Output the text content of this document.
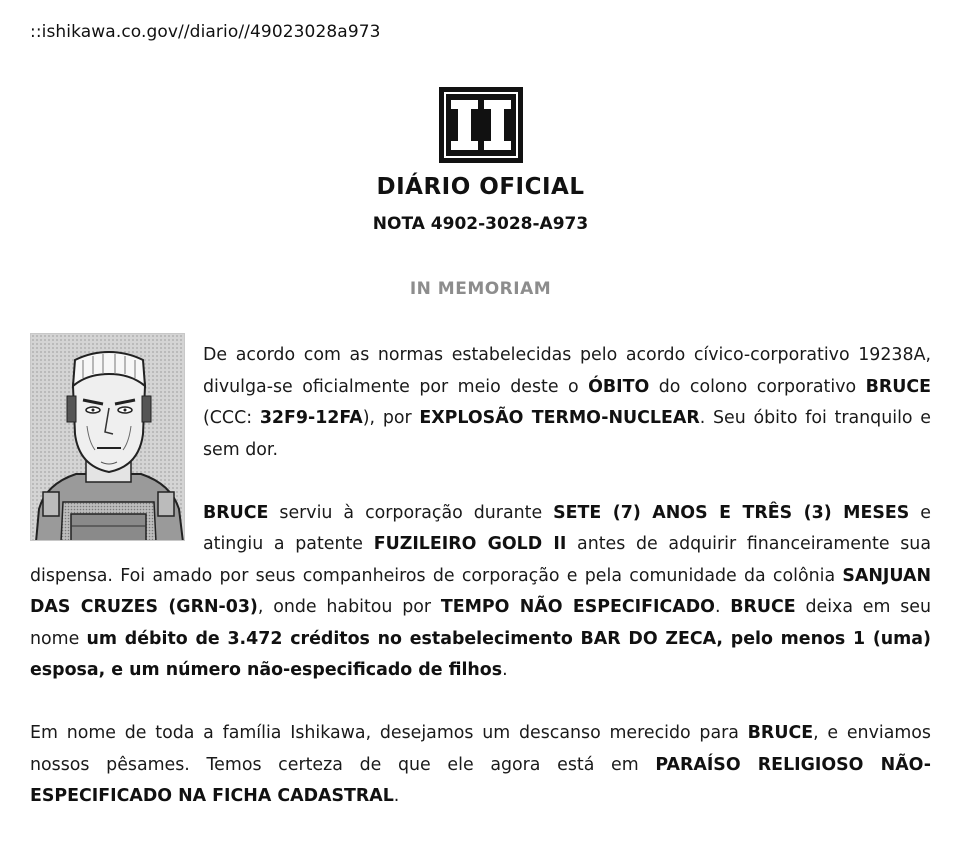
::ishikawa.co.gov//diario//49023028a973
DIÁRIO OFICIAL
NOTA 4902-3028-A973
IN MEMORIAM

De acordo com as normas estabelecidas pelo acordo cívico-corporativo 19238A, divulga-se oficialmente por meio deste o ÓBITO do colono corporativo BRUCE (CCC: 32F9-12FA), por EXPLOSÃO TERMO-NUCLEAR. Seu óbito foi tranquilo e sem dor.

BRUCE serviu à corporação durante SETE (7) ANOS E TRÊS (3) MESES e atingiu a patente FUZILEIRO GOLD II antes de adquirir financeiramente sua dispensa. Foi amado por seus companheiros de corporação e pela comunidade da colônia SANJUAN DAS CRUZES (GRN-03), onde habitou por TEMPO NÃO ESPECIFICADO. BRUCE deixa em seu nome um débito de 3.472 créditos no estabelecimento BAR DO ZECA, pelo menos 1 (uma) esposa, e um número não-especificado de filhos.

Em nome de toda a família Ishikawa, desejamos um descanso merecido para BRUCE, e enviamos nossos pêsames. Temos certeza de que ele agora está em PARAÍSO RELIGIOSO NÃO-ESPECIFICADO NA FICHA CADASTRAL.
